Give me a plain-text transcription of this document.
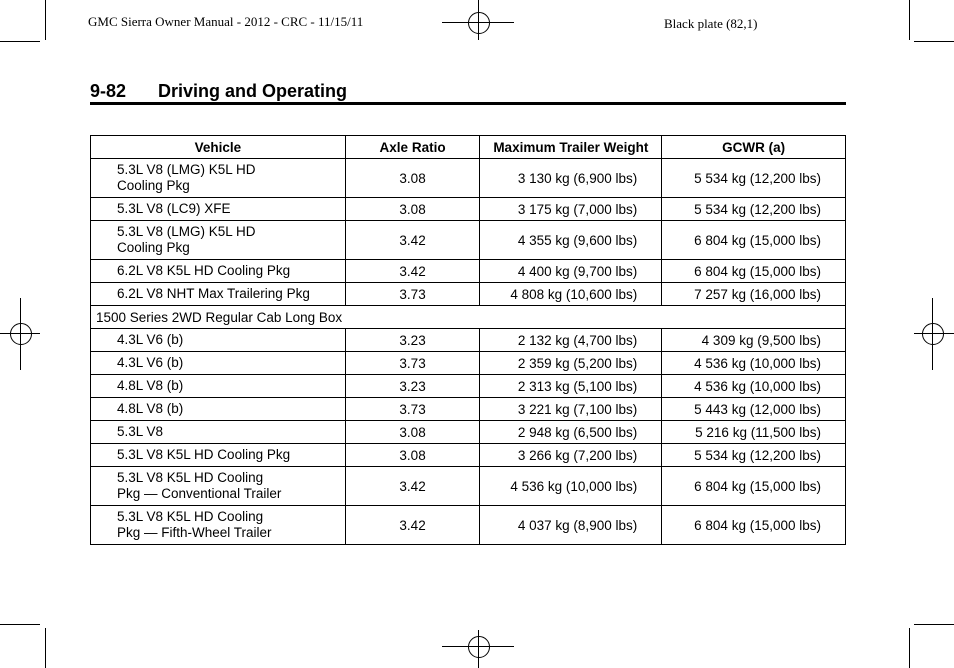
GMC Sierra Owner Manual - 2012 - CRC - 11/15/11	Black plate (82,1)
9-82 Driving and Operating
Vehicle	Axle Ratio	Maximum Trailer Weight	GCWR (a)

5.3L V8 (LMG) K5L HD
Cooling Pkg	3.08	3 130 kg (6,900 lbs)	5 534 kg (12,200 lbs)
5.3L V8 (LC9) XFE	3.08	3 175 kg (7,000 lbs)	5 534 kg (12,200 lbs)

5.3L V8 (LMG) K5L HD
Cooling Pkg	3.42	4 355 kg (9,600 lbs)	6 804 kg (15,000 lbs)
6.2L V8 K5L HD Cooling Pkg	3.42	4 400 kg (9,700 lbs)	6 804 kg (15,000 lbs)
6.2L V8 NHT Max Trailering Pkg	3.73	4 808 kg (10,600 lbs)	7 257 kg (16,000 lbs)
1500 Series 2WD Regular Cab Long Box			
4.3L V6 (b)	3.23	2 132 kg (4,700 lbs)	4 309 kg (9,500 lbs)
4.3L V6 (b)	3.73	2 359 kg (5,200 lbs)	4 536 kg (10,000 lbs)
4.8L V8 (b)	3.23	2 313 kg (5,100 lbs)	4 536 kg (10,000 lbs)
4.8L V8 (b)	3.73	3 221 kg (7,100 lbs)	5 443 kg (12,000 lbs)
5.3L V8	3.08	2 948 kg (6,500 lbs)	5 216 kg (11,500 lbs)
5.3L V8 K5L HD Cooling Pkg	3.08	3 266 kg (7,200 lbs)	5 534 kg (12,200 lbs)

5.3L V8 K5L HD Cooling
Pkg — Conventional Trailer	3.42	4 536 kg (10,000 lbs)	6 804 kg (15,000 lbs)

5.3L V8 K5L HD Cooling
Pkg — Fifth-Wheel Trailer	3.42	4 037 kg (8,900 lbs)	6 804 kg (15,000 lbs)
